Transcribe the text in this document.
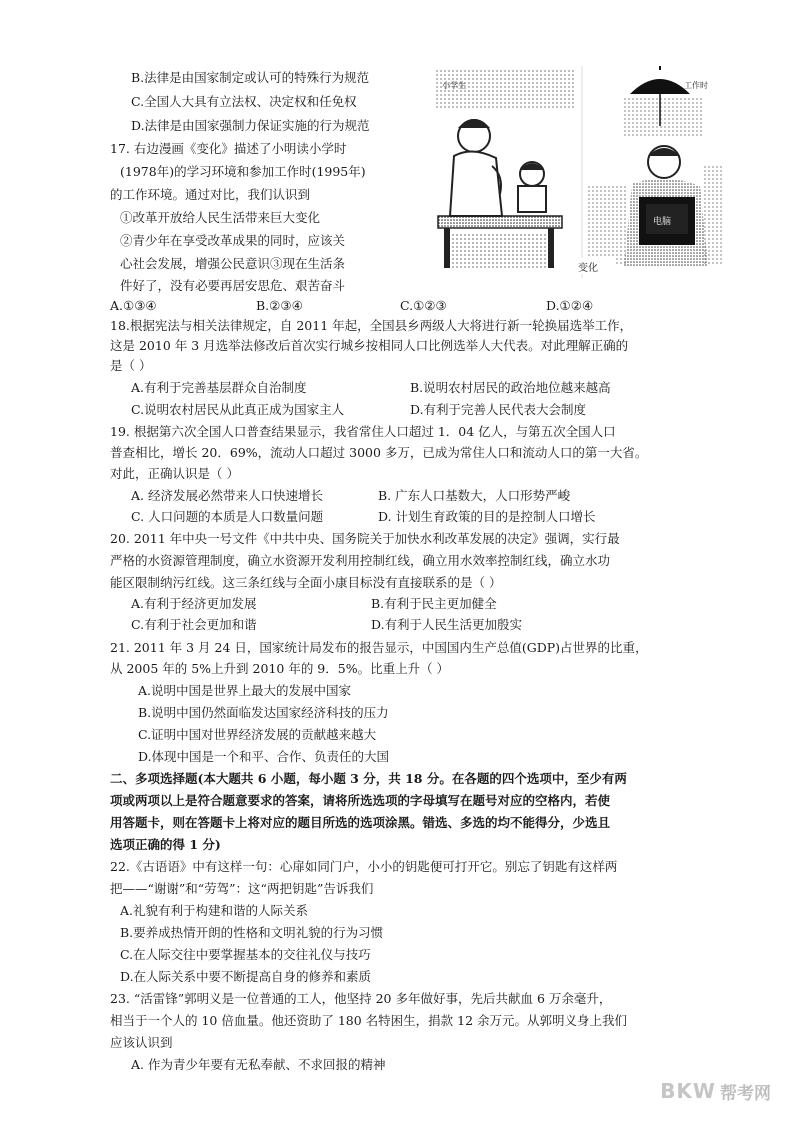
B.法律是由国家制定或认可的特殊行为规范
C.全国人大具有立法权、决定权和任免权
D.法律是由国家强制力保证实施的行为规范
17. 右边漫画《变化》描述了小明读小学时
(1978年)的学习环境和参加工作时(1995年)
的工作环境。通过对比，我们认识到
①改革开放给人民生活带来巨大变化
②青少年在享受改革成果的同时，应该关
心社会发展，增强公民意识③现在生活条
件好了，没有必要再居安思危、艰苦奋斗
A.①③④	B.②③④	C.①②③	D.①②④
小学生
电脑
工作时
变化
18.根据宪法与相关法律规定，自 2011 年起，全国县乡两级人大将进行新一轮换届选举工作，
这是 2010 年 3 月选举法修改后首次实行城乡按相同人口比例选举人大代表。对此理解正确的
是（ ）
A.有利于完善基层群众自治制度	B.说明农村居民的政治地位越来越高
C.说明农村居民从此真正成为国家主人	D.有利于完善人民代表大会制度
19. 根据第六次全国人口普查结果显示，我省常住人口超过 1．04 亿人，与第五次全国人口
普查相比，增长 20．69%，流动人口超过 3000 多万，已成为常住人口和流动人口的第一大省。
对此，正确认识是（ ）
A. 经济发展必然带来人口快速增长	B. 广东人口基数大，人口形势严峻
C. 人口问题的本质是人口数量问题	D. 计划生育政策的目的是控制人口增长
20. 2011 年中央一号文件《中共中央、国务院关于加快水利改革发展的决定》强调，实行最
严格的水资源管理制度，确立水资源开发利用控制红线，确立用水效率控制红线，确立水功
能区限制纳污红线。这三条红线与全面小康目标没有直接联系的是（ ）
A.有利于经济更加发展	B.有利于民主更加健全
C.有利于社会更加和谐	D.有利于人民生活更加殷实
21. 2011 年 3 月 24 日，国家统计局发布的报告显示，中国国内生产总值(GDP)占世界的比重，
从 2005 年的 5%上升到 2010 年的 9．5%。比重上升（ ）
A.说明中国是世界上最大的发展中国家
B.说明中国仍然面临发达国家经济科技的压力
C.证明中国对世界经济发展的贡献越来越大
D.体现中国是一个和平、合作、负责任的大国
二、多项选择题(本大题共 6 小题，每小题 3 分，共 18 分。在各题的四个选项中，至少有两
项或两项以上是符合题意要求的答案，请将所选选项的字母填写在题号对应的空格内，若使
用答题卡，则在答题卡上将对应的题目所选的选项涂黑。错选、多选的均不能得分，少选且
选项正确的得 1 分)
22.《古语语》中有这样一句：心扉如同门户，小小的钥匙便可打开它。别忘了钥匙有这样两
把——“谢谢”和“劳驾”：这“两把钥匙”告诉我们
A.礼貌有利于构建和谐的人际关系
B.要养成热情开朗的性格和文明礼貌的行为习惯
C.在人际交往中要掌握基本的交往礼仪与技巧
D.在人际关系中要不断提高自身的修养和素质
23. “活雷锋”郭明义是一位普通的工人，他坚持 20 多年做好事，先后共献血 6 万余毫升，
相当于一个人的 10 倍血量。他还资助了 180 名特困生，捐款 12 余万元。从郭明义身上我们
应该认识到
A. 作为青少年要有无私奉献、不求回报的精神
BKW 帮考网
